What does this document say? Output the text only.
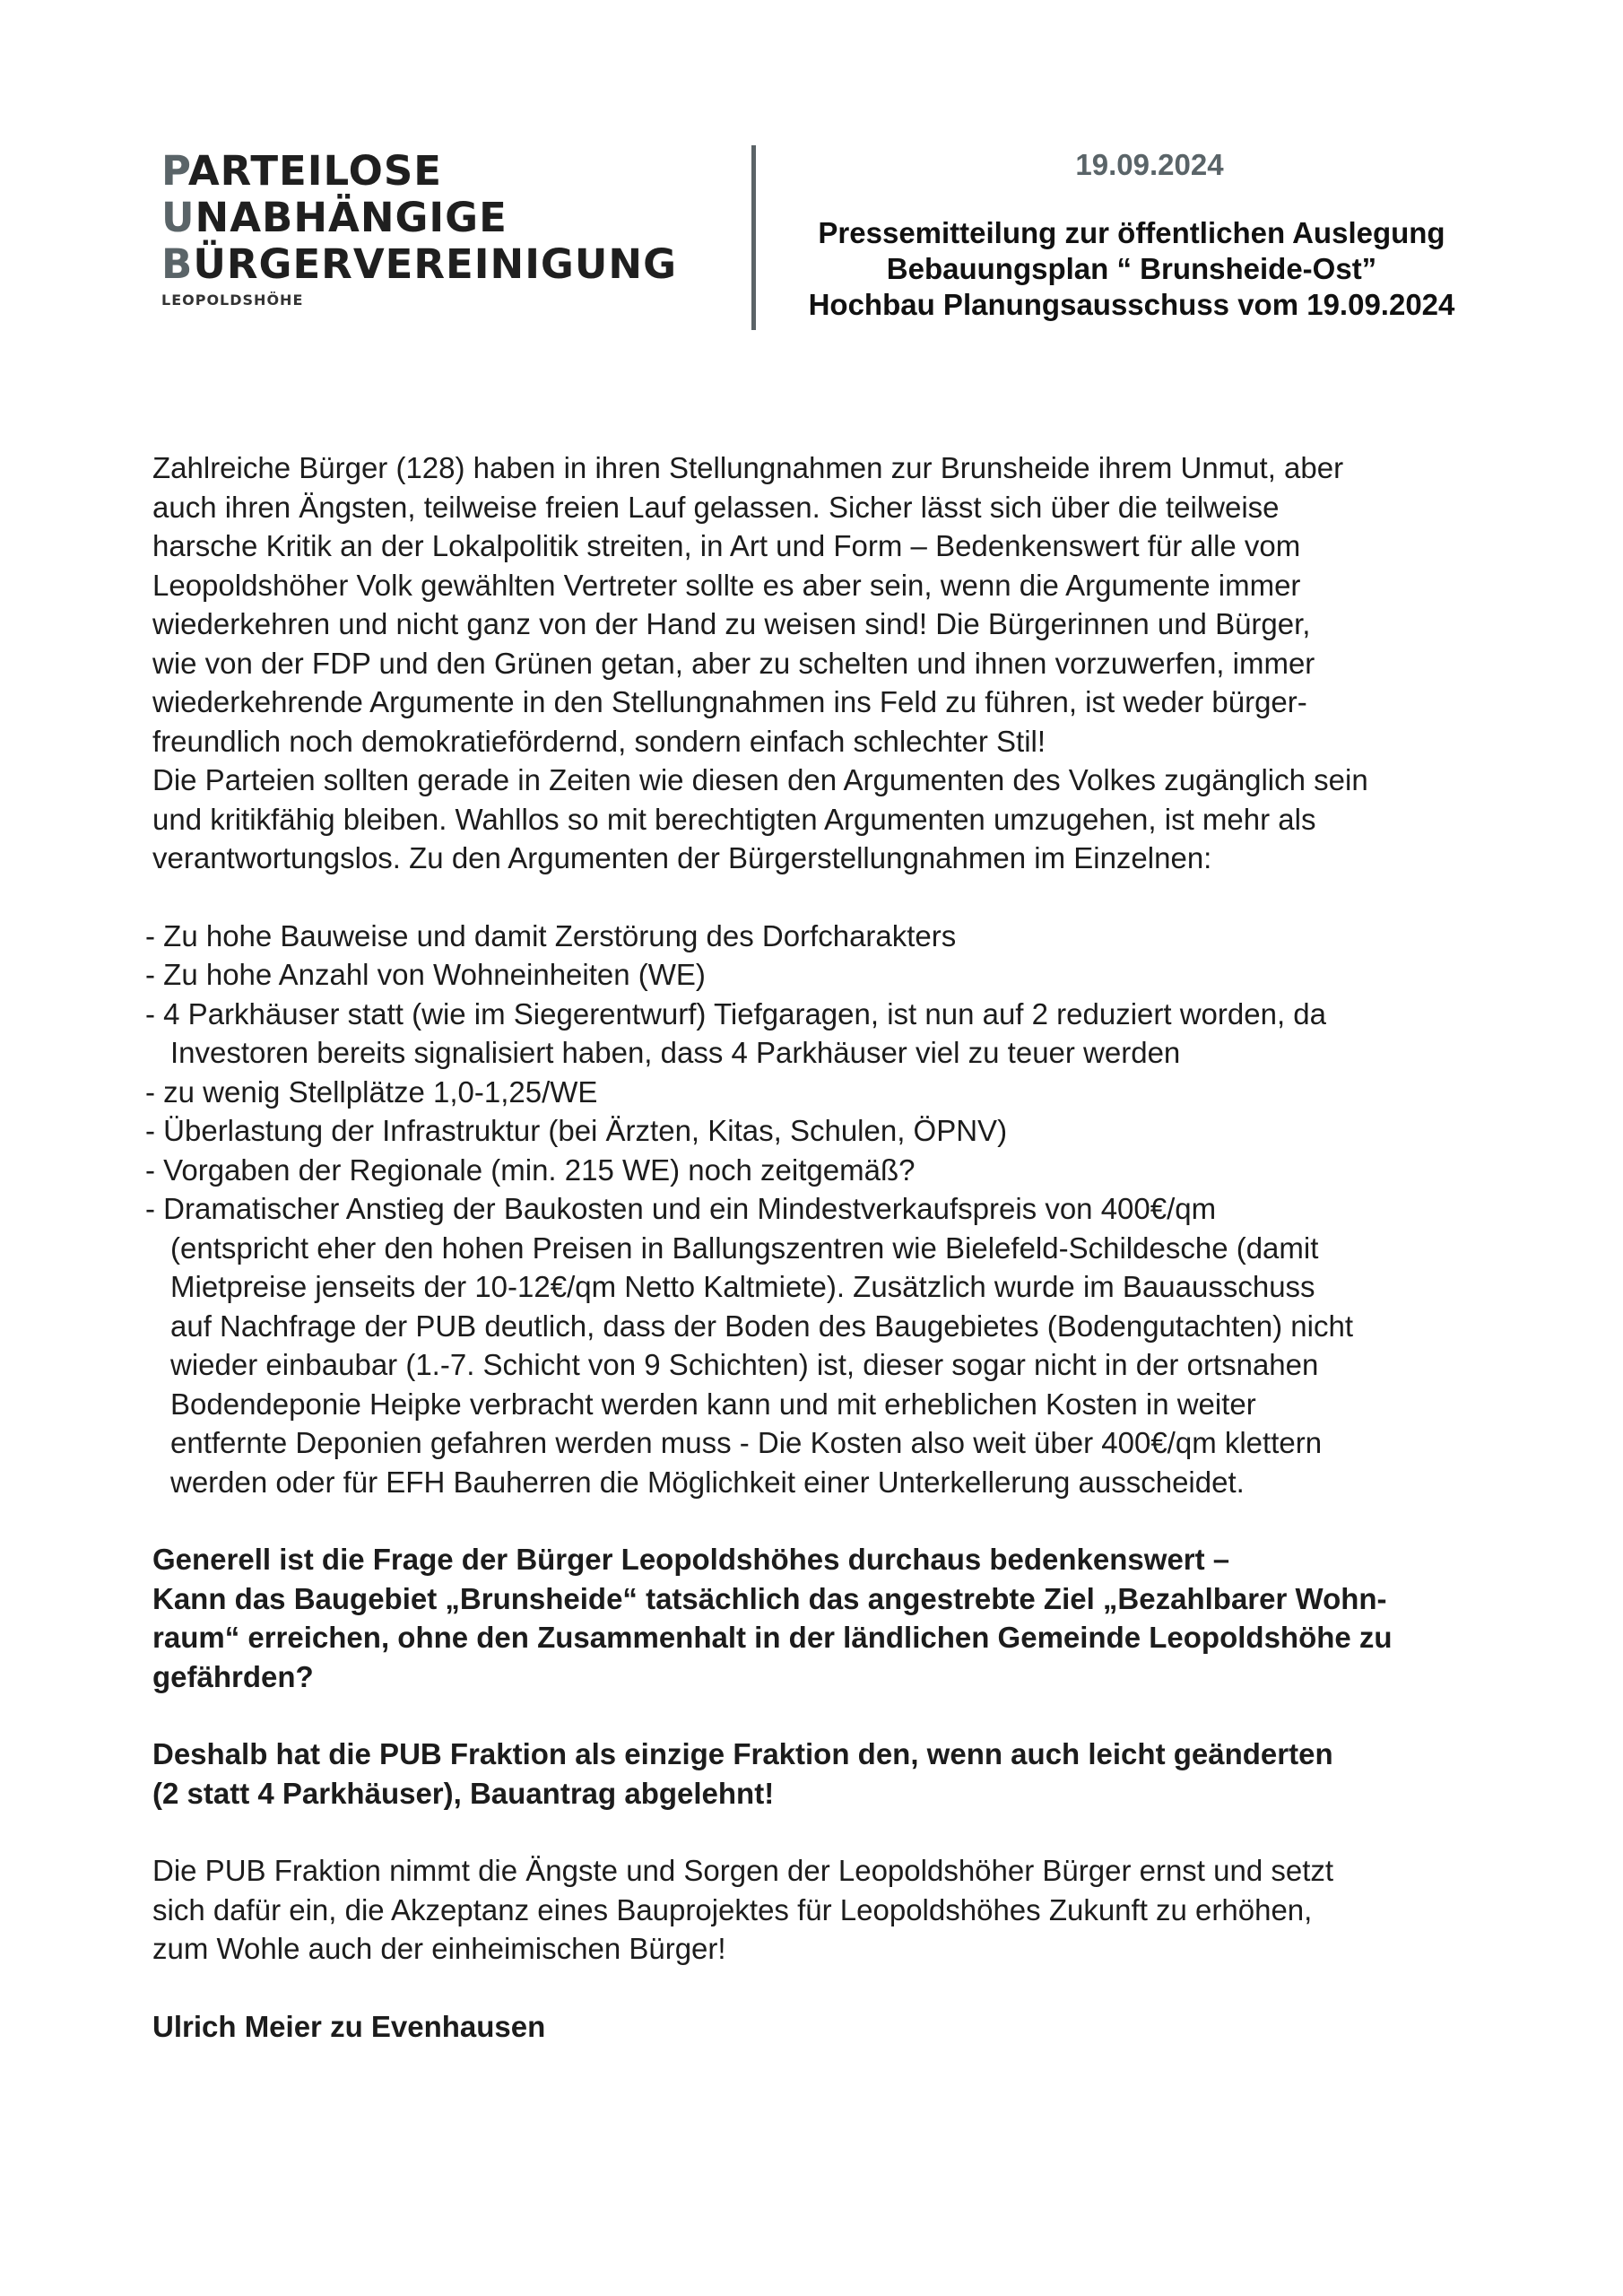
PARTEILOSE
UNABHÄNGIGE
BÜRGERVEREINIGUNG
LEOPOLDSHÖHE
19.09.2024
Pressemitteilung zur öffentlichen Auslegung
Bebauungsplan “ Brunsheide-Ost”
Hochbau Planungsausschuss vom 19.09.2024

Zahlreiche Bürger (128) haben in ihren Stellungnahmen zur Brunsheide ihrem Unmut, aber
auch ihren Ängsten, teilweise freien Lauf gelassen. Sicher lässt sich über die teilweise
harsche Kritik an der Lokalpolitik streiten, in Art und Form – Bedenkenswert für alle vom
Leopoldshöher Volk gewählten Vertreter sollte es aber sein, wenn die Argumente immer
wiederkehren und nicht ganz von der Hand zu weisen sind! Die Bürgerinnen und Bürger,
wie von der FDP und den Grünen getan, aber zu schelten und ihnen vorzuwerfen, immer
wiederkehrende Argumente in den Stellungnahmen ins Feld zu führen, ist weder bürger-
freundlich noch demokratiefördernd, sondern einfach schlechter Stil!
Die Parteien sollten gerade in Zeiten wie diesen den Argumenten des Volkes zugänglich sein
und kritikfähig bleiben. Wahllos so mit berechtigten Argumenten umzugehen, ist mehr als
verantwortungslos. Zu den Argumenten der Bürgerstellungnahmen im Einzelnen:

- Zu hohe Bauweise und damit Zerstörung des Dorfcharakters
- Zu hohe Anzahl von Wohneinheiten (WE)
- 4 Parkhäuser statt (wie im Siegerentwurf) Tiefgaragen, ist nun auf 2 reduziert worden, da
Investoren bereits signalisiert haben, dass 4 Parkhäuser viel zu teuer werden
- zu wenig Stellplätze 1,0-1,25/WE
- Überlastung der Infrastruktur (bei Ärzten, Kitas, Schulen, ÖPNV)
- Vorgaben der Regionale (min. 215 WE) noch zeitgemäß?
- Dramatischer Anstieg der Baukosten und ein Mindestverkaufspreis von 400€/qm
(entspricht eher den hohen Preisen in Ballungszentren wie Bielefeld-Schildesche (damit
Mietpreise jenseits der 10-12€/qm Netto Kaltmiete). Zusätzlich wurde im Bauausschuss
auf Nachfrage der PUB deutlich, dass der Boden des Baugebietes (Bodengutachten) nicht
wieder einbaubar (1.-7. Schicht von 9 Schichten) ist, dieser sogar nicht in der ortsnahen
Bodendeponie Heipke verbracht werden kann und mit erheblichen Kosten in weiter
entfernte Deponien gefahren werden muss - Die Kosten also weit über 400€/qm klettern
werden oder für EFH Bauherren die Möglichkeit einer Unterkellerung ausscheidet.
Generell ist die Frage der Bürger Leopoldshöhes durchaus bedenkenswert –
Kann das Baugebiet „Brunsheide“ tatsächlich das angestrebte Ziel „Bezahlbarer Wohn-
raum“ erreichen, ohne den Zusammenhalt in der ländlichen Gemeinde Leopoldshöhe zu
gefährden?
Deshalb hat die PUB Fraktion als einzige Fraktion den, wenn auch leicht geänderten
(2 statt 4 Parkhäuser), Bauantrag abgelehnt!
Die PUB Fraktion nimmt die Ängste und Sorgen der Leopoldshöher Bürger ernst und setzt
sich dafür ein, die Akzeptanz eines Bauprojektes für Leopoldshöhes Zukunft zu erhöhen,
zum Wohle auch der einheimischen Bürger!
Ulrich Meier zu Evenhausen
